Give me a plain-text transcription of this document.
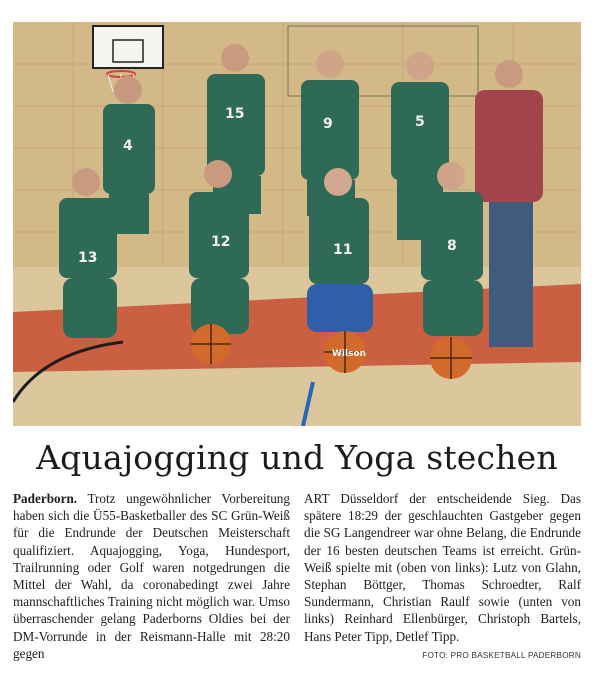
4
15
9	5
13
12	11	8
Wilson
Aquajogging und Yoga stechen
Paderborn. Trotz ungewöhnlicher Vorbereitung haben sich die Ü55-Basketballer des SC Grün-Weiß für die Endrunde der Deutschen Meisterschaft qualifiziert. Aquajogging, Yoga, Hundesport, Trailrunning oder Golf waren notgedrungen die Mittel der Wahl, da coronabedingt zwei Jahre mannschaftliches Training nicht möglich war. Umso überraschender gelang Paderborns Oldies bei der DM-Vorrunde in der Reismann-Halle mit 28:20 gegen
ART Düsseldorf der entscheidende Sieg. Das spätere 18:29 der geschlauchten Gastgeber gegen die SG Langendreer war ohne Belang, die Endrunde der 16 besten deutschen Teams ist erreicht. Grün-Weiß spielte mit (oben von links): Lutz von Glahn, Stephan Böttger, Thomas Schroedter, Ralf Sundermann, Christian Raulf sowie (unten von links) Reinhard Ellenbürger, Christoph Bartels, Hans Peter Tipp, Detlef Tipp.
FOTO: PRO BASKETBALL PADERBORN
